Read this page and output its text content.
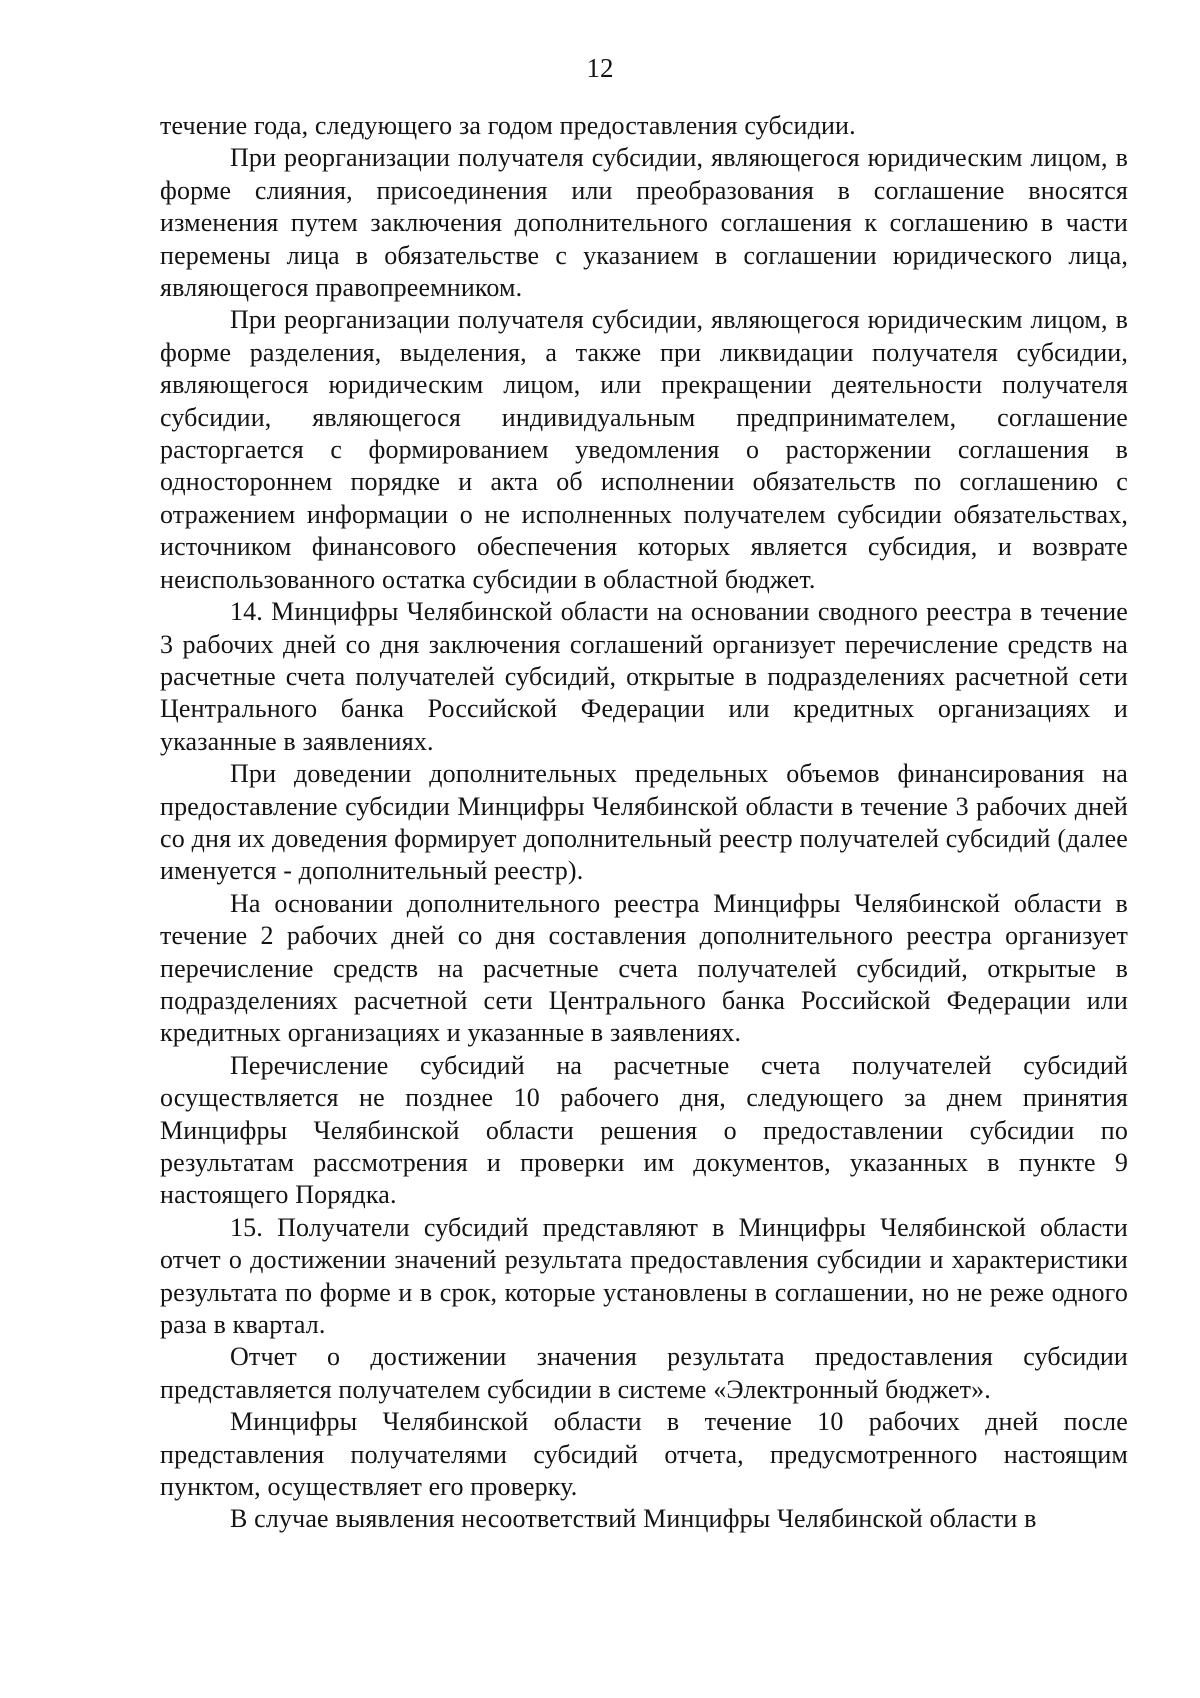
12

течение года, следующего за годом предоставления субсидии.

При реорганизации получателя субсидии, являющегося юридическим лицом, в форме слияния, присоединения или преобразования в соглашение вносятся изменения путем заключения дополнительного соглашения к соглашению в части перемены лица в обязательстве с указанием в соглашении юридического лица, являющегося правопреемником.

При реорганизации получателя субсидии, являющегося юридическим лицом, в форме разделения, выделения, а также при ликвидации получателя субсидии, являющегося юридическим лицом, или прекращении деятельности получателя субсидии, являющегося индивидуальным предпринимателем, соглашение расторгается с формированием уведомления о расторжении соглашения в одностороннем порядке и акта об исполнении обязательств по соглашению с отражением информации о не исполненных получателем субсидии обязательствах, источником финансового обеспечения которых является субсидия, и возврате неиспользованного остатка субсидии в областной бюджет.

14. Минцифры Челябинской области на основании сводного реестра в течение 3 рабочих дней со дня заключения соглашений организует перечисление средств на расчетные счета получателей субсидий, открытые в подразделениях расчетной сети Центрального банка Российской Федерации или кредитных организациях и указанные в заявлениях.

При доведении дополнительных предельных объемов финансирования на предоставление субсидии Минцифры Челябинской области в течение 3 рабочих дней со дня их доведения формирует дополнительный реестр получателей субсидий (далее именуется - дополнительный реестр).

На основании дополнительного реестра Минцифры Челябинской области в течение 2 рабочих дней со дня составления дополнительного реестра организует перечисление средств на расчетные счета получателей субсидий, открытые в подразделениях расчетной сети Центрального банка Российской Федерации или кредитных организациях и указанные в заявлениях.

Перечисление субсидий на расчетные счета получателей субсидий осуществляется не позднее 10 рабочего дня, следующего за днем принятия Минцифры Челябинской области решения о предоставлении субсидии по результатам рассмотрения и проверки им документов, указанных в пункте 9 настоящего Порядка.

15. Получатели субсидий представляют в Минцифры Челябинской области отчет о достижении значений результата предоставления субсидии и характеристики результата по форме и в срок, которые установлены в соглашении, но не реже одного раза в квартал.

Отчет о достижении значения результата предоставления субсидии представляется получателем субсидии в системе «Электронный бюджет».

Минцифры Челябинской области в течение 10 рабочих дней после представления получателями субсидий отчета, предусмотренного настоящим пунктом, осуществляет его проверку.

В случае выявления несоответствий Минцифры Челябинской области в
